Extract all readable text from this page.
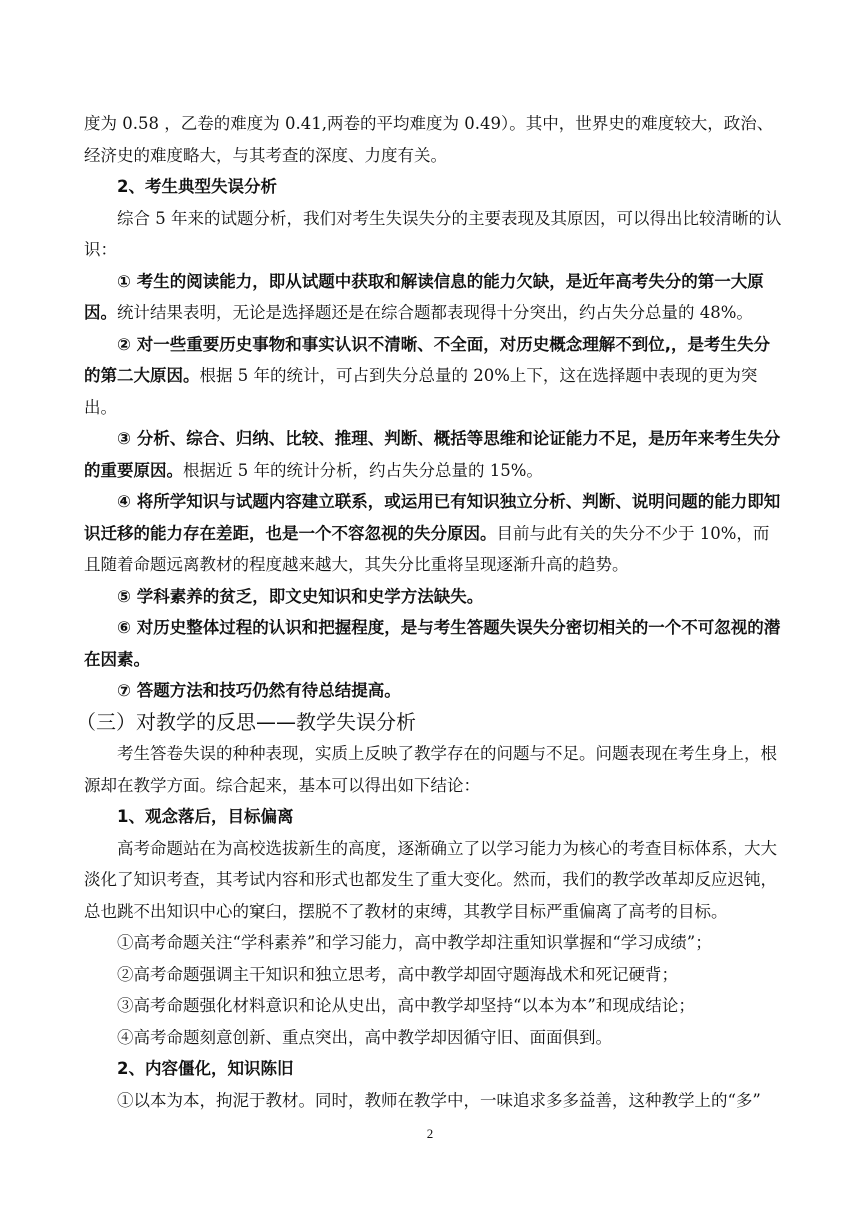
度为 0.58 ，乙卷的难度为 0.41,两卷的平均难度为 0.49）。其中，世界史的难度较大，政治、经济史的难度略大，与其考查的深度、力度有关。

2、考生典型失误分析

综合 5 年来的试题分析，我们对考生失误失分的主要表现及其原因，可以得出比较清晰的认识：

① 考生的阅读能力，即从试题中获取和解读信息的能力欠缺，是近年高考失分的第一大原因。统计结果表明，无论是选择题还是在综合题都表现得十分突出，约占失分总量的 48%。

② 对一些重要历史事物和事实认识不清晰、不全面，对历史概念理解不到位,，是考生失分的第二大原因。根据 5 年的统计，可占到失分总量的 20%上下，这在选择题中表现的更为突出。

③ 分析、综合、归纳、比较、推理、判断、概括等思维和论证能力不足，是历年来考生失分的重要原因。根据近 5 年的统计分析，约占失分总量的 15%。

④ 将所学知识与试题内容建立联系，或运用已有知识独立分析、判断、说明问题的能力即知识迁移的能力存在差距，也是一个不容忽视的失分原因。目前与此有关的失分不少于 10%，而且随着命题远离教材的程度越来越大，其失分比重将呈现逐渐升高的趋势。

⑤ 学科素养的贫乏，即文史知识和史学方法缺失。

⑥ 对历史整体过程的认识和把握程度，是与考生答题失误失分密切相关的一个不可忽视的潜在因素。

⑦ 答题方法和技巧仍然有待总结提高。

（三）对教学的反思——教学失误分析

考生答卷失误的种种表现，实质上反映了教学存在的问题与不足。问题表现在考生身上，根源却在教学方面。综合起来，基本可以得出如下结论：

1、观念落后，目标偏离

高考命题站在为高校选拔新生的高度，逐渐确立了以学习能力为核心的考查目标体系，大大淡化了知识考查，其考试内容和形式也都发生了重大变化。然而，我们的教学改革却反应迟钝，总也跳不出知识中心的窠臼，摆脱不了教材的束缚，其教学目标严重偏离了高考的目标。

①高考命题关注“学科素养”和学习能力，高中教学却注重知识掌握和“学习成绩”；

②高考命题强调主干知识和独立思考，高中教学却固守题海战术和死记硬背；

③高考命题强化材料意识和论从史出，高中教学却坚持“以本为本”和现成结论；

④高考命题刻意创新、重点突出，高中教学却因循守旧、面面俱到。

2、内容僵化，知识陈旧

①以本为本，拘泥于教材。同时，教师在教学中，一味追求多多益善，这种教学上的“多”

2
